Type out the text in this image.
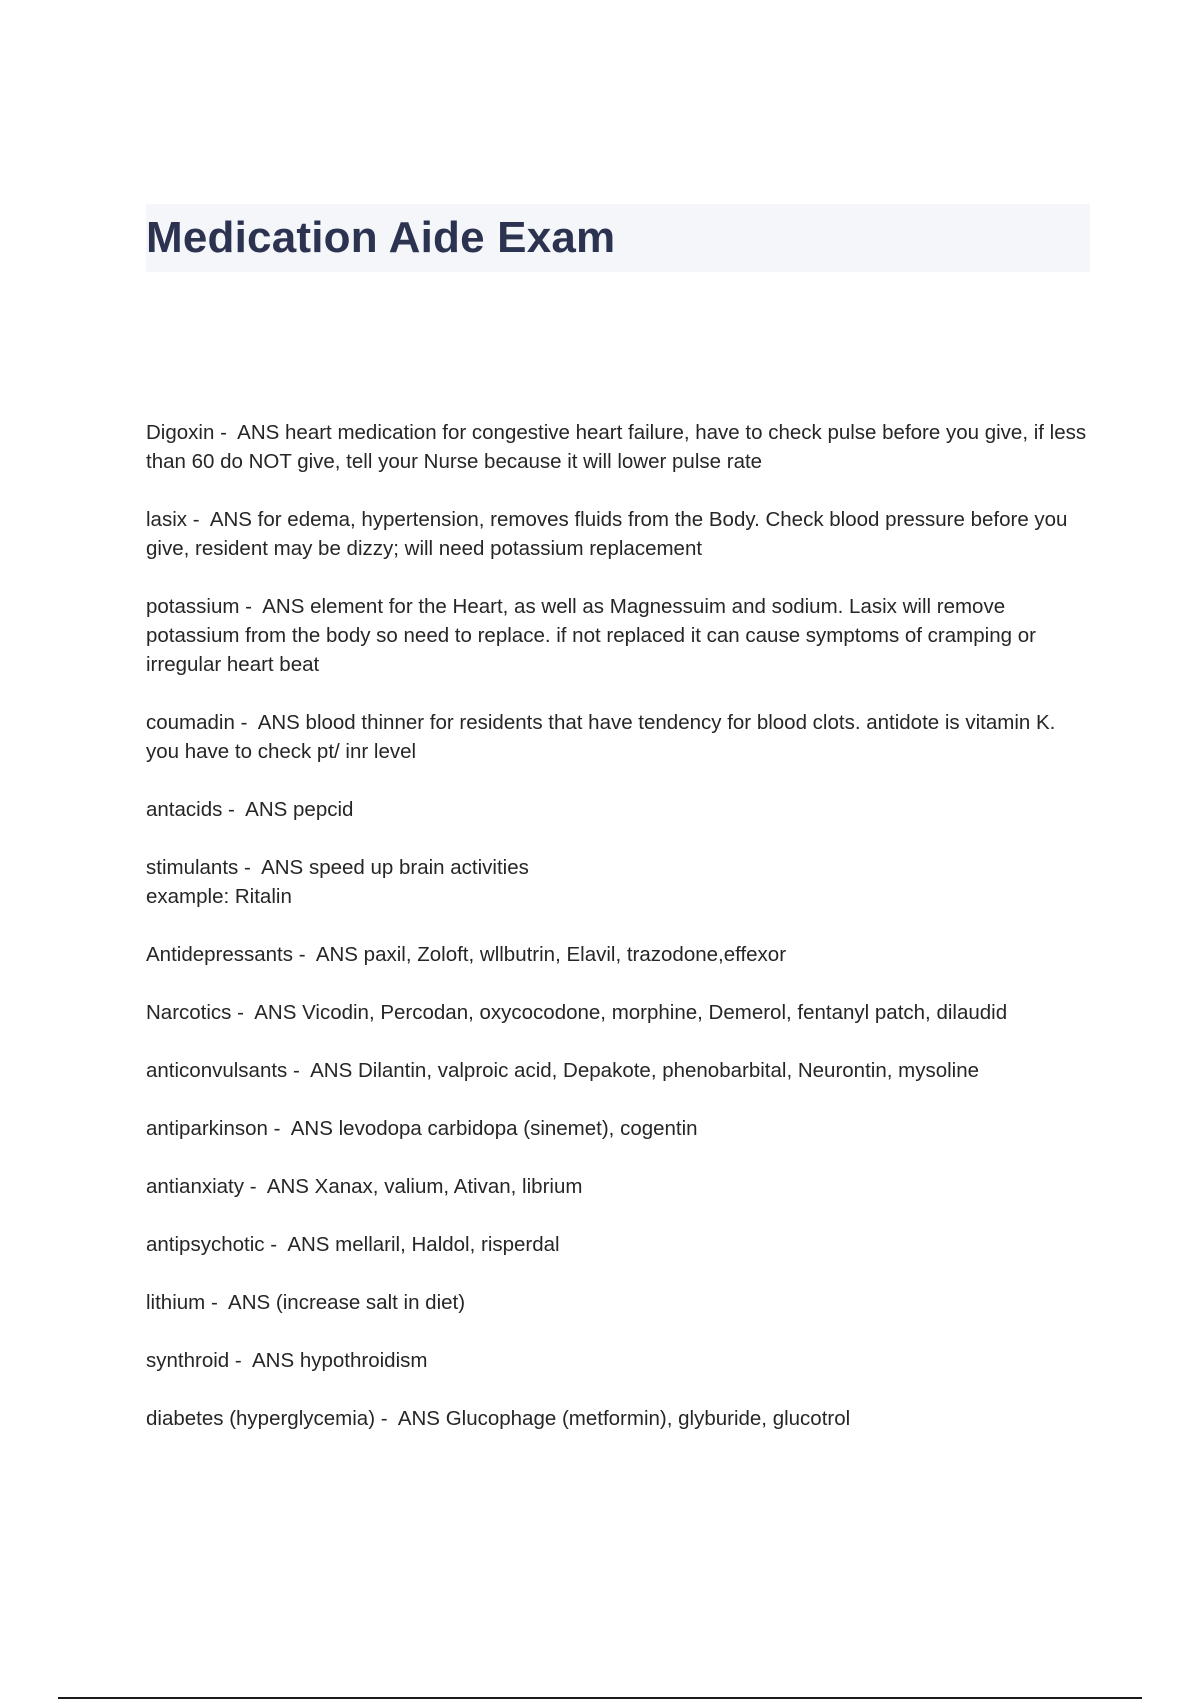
Medication Aide Exam
Digoxin -  ANS heart medication for congestive heart failure, have to check pulse before you give, if less than 60 do NOT give, tell your Nurse because it will lower pulse rate
lasix -  ANS for edema, hypertension, removes fluids from the Body. Check blood pressure before you give, resident may be dizzy; will need potassium replacement
potassium -  ANS element for the Heart, as well as Magnessuim and sodium. Lasix will remove potassium from the body so need to replace. if not replaced it can cause symptoms of cramping or irregular heart beat
coumadin -  ANS blood thinner for residents that have tendency for blood clots. antidote is vitamin K. you have to check pt/ inr level
antacids -  ANS pepcid
stimulants -  ANS speed up brain activities
example: Ritalin
Antidepressants -  ANS paxil, Zoloft, wllbutrin, Elavil, trazodone,effexor
Narcotics -  ANS Vicodin, Percodan, oxycocodone, morphine, Demerol, fentanyl patch, dilaudid
anticonvulsants -  ANS Dilantin, valproic acid, Depakote, phenobarbital, Neurontin, mysoline
antiparkinson -  ANS levodopa carbidopa (sinemet), cogentin
antianxiaty -  ANS Xanax, valium, Ativan, librium
antipsychotic -  ANS mellaril, Haldol, risperdal
lithium -  ANS (increase salt in diet)
synthroid -  ANS hypothroidism
diabetes (hyperglycemia) -  ANS Glucophage (metformin), glyburide, glucotrol
